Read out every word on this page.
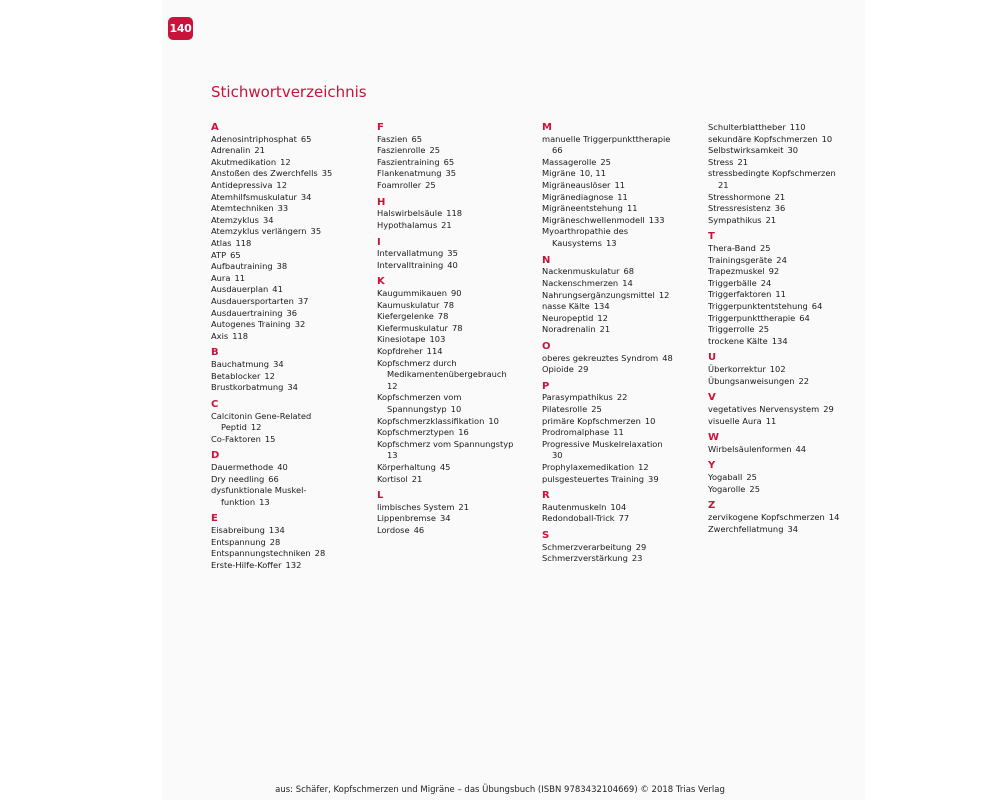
140
Stichwortverzeichnis
A
Adenosintriphosphat 65
Adrenalin 21
Akutmedikation 12
Anstoßen des Zwerchfells 35
Antidepressiva 12
Atemhilfsmuskulatur 34
Atemtechniken 33
Atemzyklus 34
Atemzyklus verlängern 35
Atlas 118
ATP 65
Aufbautraining 38
Aura 11
Ausdauerplan 41
Ausdauersportarten 37
Ausdauertraining 36
Autogenes Training 32
Axis 118
B
Bauchatmung 34
Betablocker 12
Brustkorbatmung 34
C
Calcitonin Gene-Related
Peptid 12
Co-Faktoren 15
D
Dauermethode 40
Dry needling 66
dysfunktionale Muskel-
funktion 13
E
Eisabreibung 134
Entspannung 28
Entspannungstechniken 28
Erste-Hilfe-Koffer 132
F
Faszien 65
Faszienrolle 25
Faszientraining 65
Flankenatmung 35
Foamroller 25
H
Halswirbelsäule 118
Hypothalamus 21
I
Intervallatmung 35
Intervalltraining 40
K
Kaugummikauen 90
Kaumuskulatur 78
Kiefergelenke 78
Kiefermuskulatur 78
Kinesiotape 103
Kopfdreher 114
Kopfschmerz durch
Medikamentenübergebrauch
12
Kopfschmerzen vom
Spannungstyp 10
Kopfschmerzklassifikation 10
Kopfschmerztypen 16
Kopfschmerz vom Spannungstyp
13
Körperhaltung 45
Kortisol 21
L
limbisches System 21
Lippenbremse 34
Lordose 46
M
manuelle Triggerpunkttherapie
66
Massagerolle 25
Migräne 10, 11
Migräneauslöser 11
Migränediagnose 11
Migräneentstehung 11
Migräneschwellenmodell 133
Myoarthropathie des
Kausystems 13
N
Nackenmuskulatur 68
Nackenschmerzen 14
Nahrungsergänzungsmittel 12
nasse Kälte 134
Neuropeptid 12
Noradrenalin 21
O
oberes gekreuztes Syndrom 48
Opioide 29
P
Parasympathikus 22
Pilatesrolle 25
primäre Kopfschmerzen 10
Prodromalphase 11
Progressive Muskelrelaxation
30
Prophylaxemedikation 12
pulsgesteuertes Training 39
R
Rautenmuskeln 104
Redondoball-Trick 77
S
Schmerzverarbeitung 29
Schmerzverstärkung 23
Schulterblattheber 110
sekundäre Kopfschmerzen 10
Selbstwirksamkeit 30
Stress 21
stressbedingte Kopfschmerzen
21
Stresshormone 21
Stressresistenz 36
Sympathikus 21
T
Thera-Band 25
Trainingsgeräte 24
Trapezmuskel 92
Triggerbälle 24
Triggerfaktoren 11
Triggerpunktentstehung 64
Triggerpunkttherapie 64
Triggerrolle 25
trockene Kälte 134
U
Überkorrektur 102
Übungsanweisungen 22
V
vegetatives Nervensystem 29
visuelle Aura 11
W
Wirbelsäulenformen 44
Y
Yogaball 25
Yogarolle 25
Z
zervikogene Kopfschmerzen 14
Zwerchfellatmung 34
aus: Schäfer, Kopfschmerzen und Migräne – das Übungsbuch (ISBN 9783432104669) © 2018 Trias Verlag
